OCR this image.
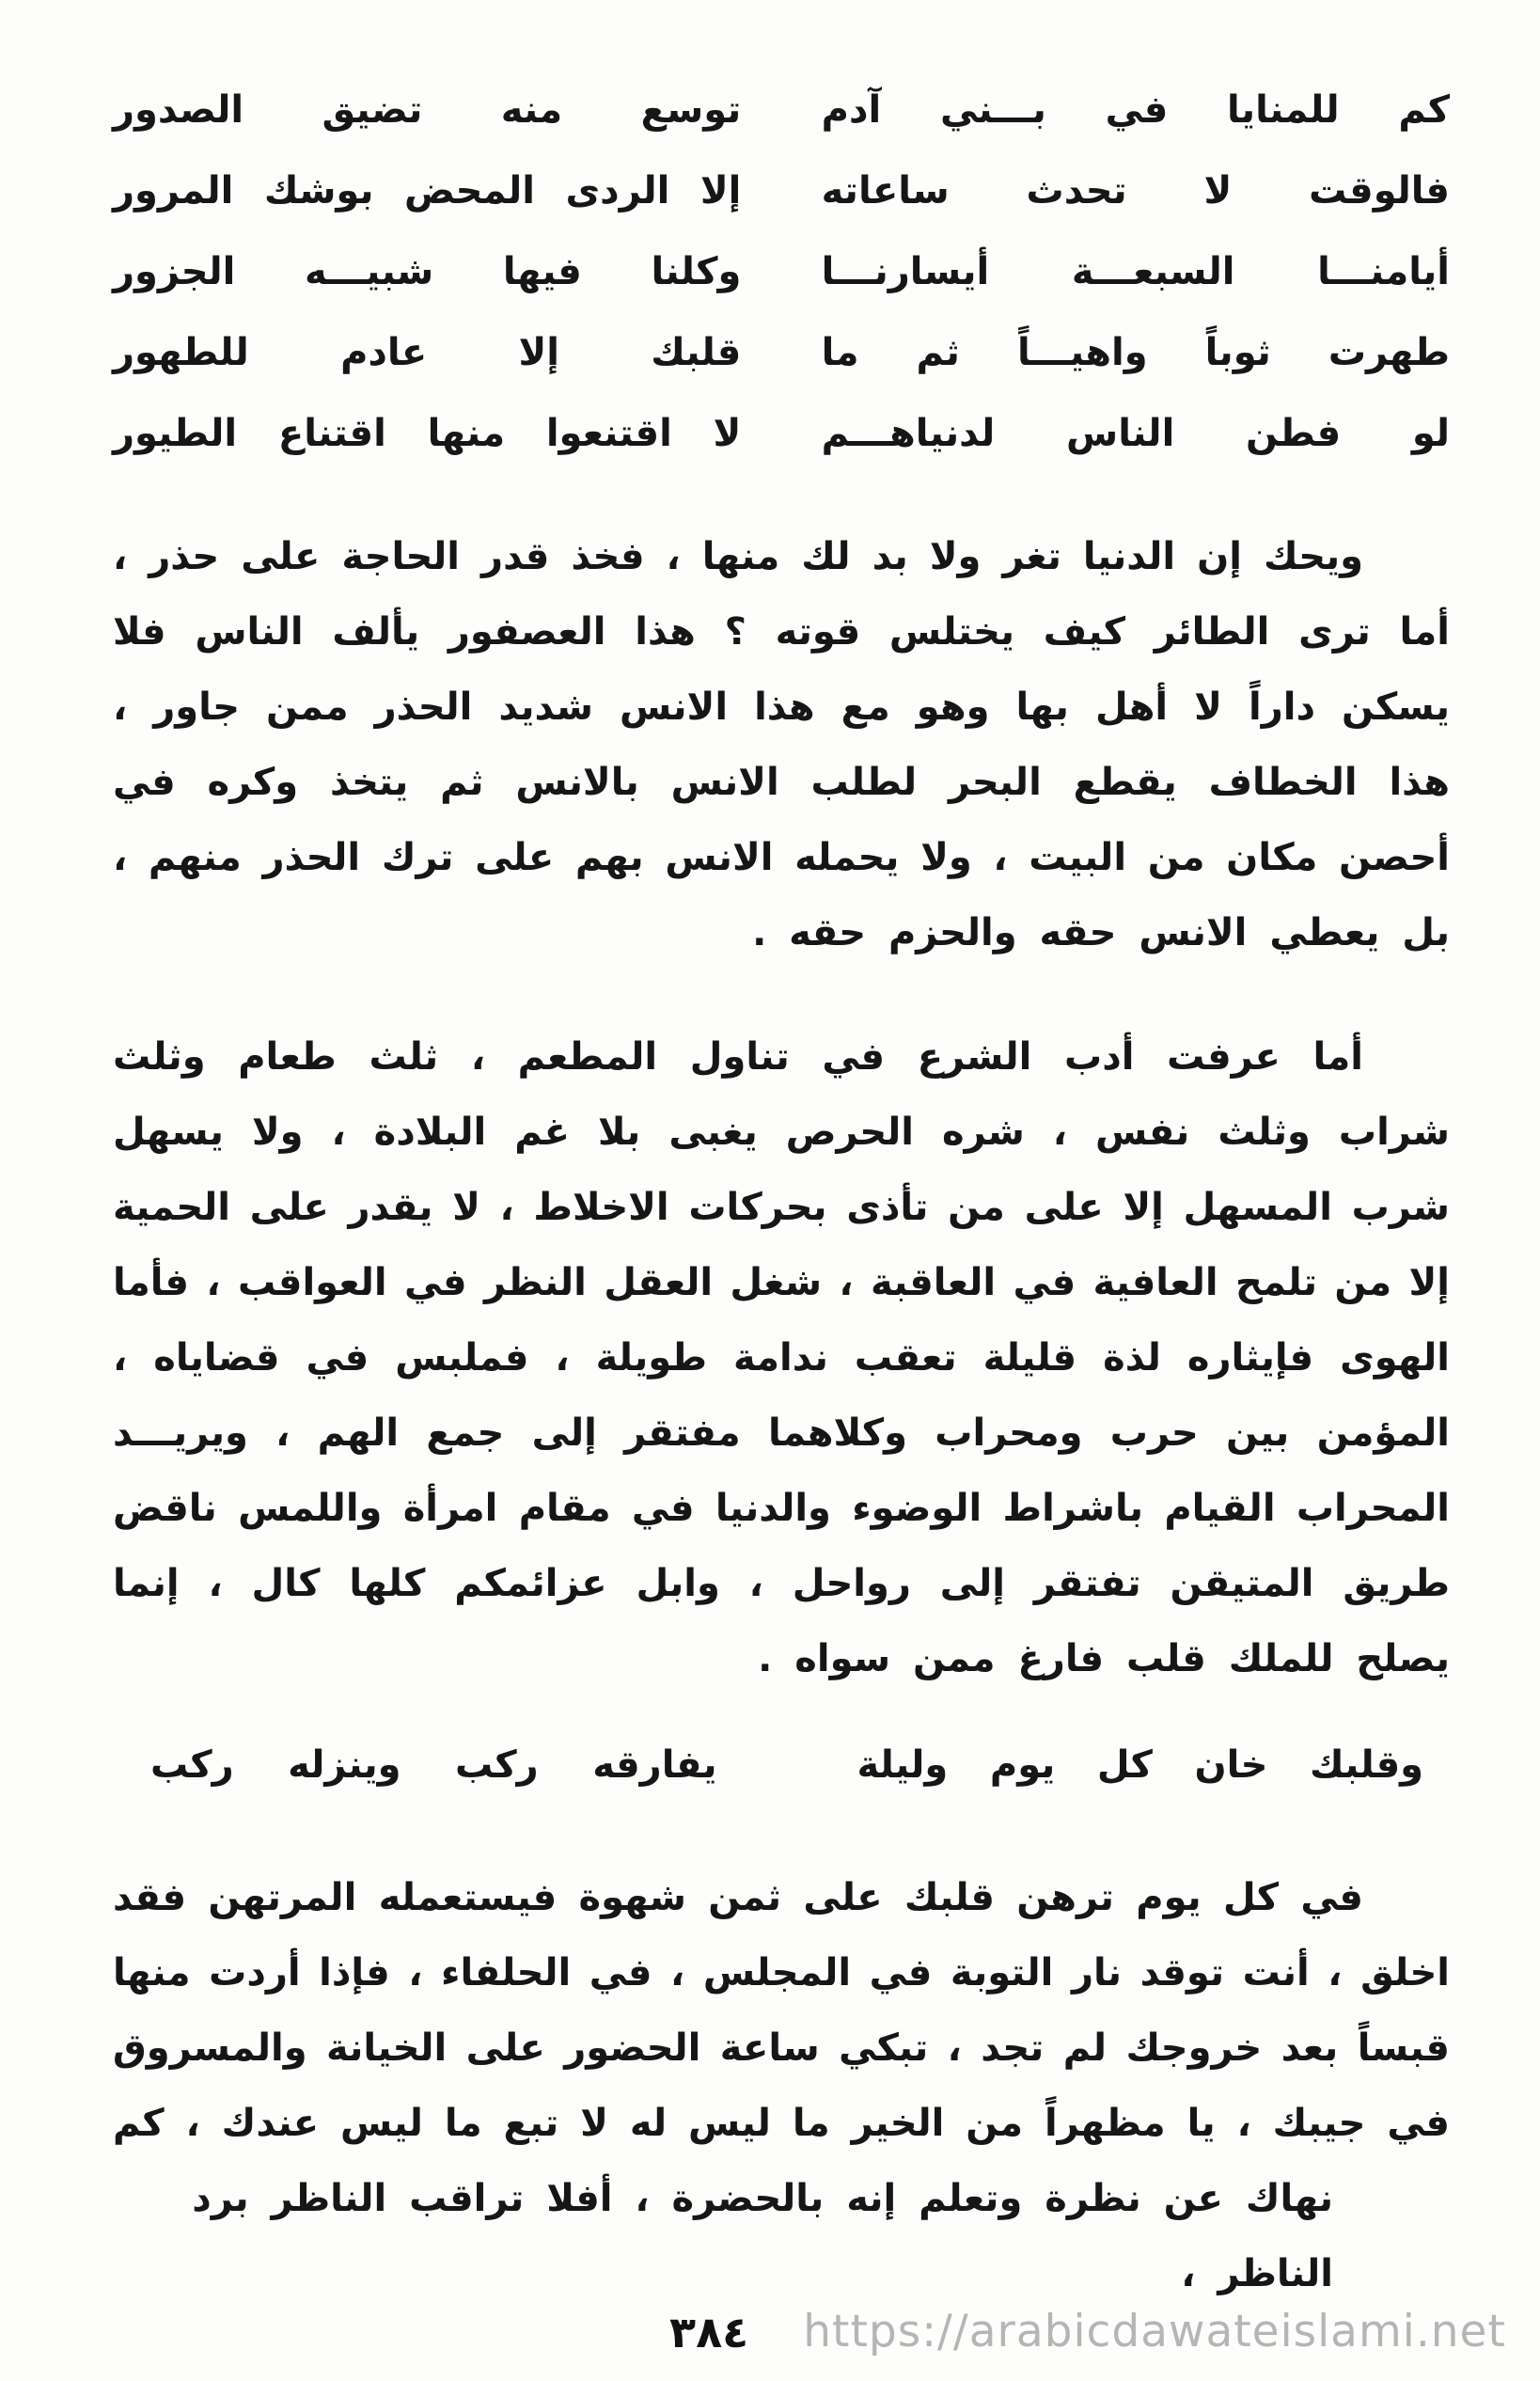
كم للمنايا في بـــني آدم
توسع منه تضيق الصدور
فالوقت لا تحدث ساعاته
إلا الردى المحض بوشك المرور
أيامنـــا السبعـــة أيسارنـــا
وكلنا فيها شبيـــه الجزور
طهرت ثوباً واهيـــاً ثم ما
قلبك إلا عادم للطهور
لو فطن الناس لدنياهـــم
لا اقتنعوا منها اقتناع الطيور
ويحك إن الدنيا تغر ولا بد لك منها ، فخذ قدر الحاجة على حذر ،
أما ترى الطائر كيف يختلس قوته ؟ هذا العصفور يألف الناس فلا
يسكن داراً لا أهل بها وهو مع هذا الانس شديد الحذر ممن جاور ،
هذا الخطاف يقطع البحر لطلب الانس بالانس ثم يتخذ وكره في
أحصن مكان من البيت ، ولا يحمله الانس بهم على ترك الحذر منهم ،
بل يعطي الانس حقه والحزم حقه .
أما عرفت أدب الشرع في تناول المطعم ، ثلث طعام وثلث
شراب وثلث نفس ، شره الحرص يغبى بلا غم البلادة ، ولا يسهل
شرب المسهل إلا على من تأذى بحركات الاخلاط ، لا يقدر على الحمية
إلا من تلمح العافية في العاقبة ، شغل العقل النظر في العواقب ، فأما
الهوى فإيثاره لذة قليلة تعقب ندامة طويلة ، فملبس في قضاياه ،
المؤمن بين حرب ومحراب وكلاهما مفتقر إلى جمع الهم ، ويريـــد
المحراب القيام باشراط الوضوء والدنيا في مقام امرأة واللمس ناقض
طريق المتيقن تفتقر إلى رواحل ، وابل عزائمكم كلها كال ، إنما
يصلح للملك قلب فارغ ممن سواه .
وقلبك خان كل يوم وليلة
يفارقه ركب وينزله ركب
في كل يوم ترهن قلبك على ثمن شهوة فيستعمله المرتهن فقد
اخلق ، أنت توقد نار التوبة في المجلس ، في الحلفاء ، فإذا أردت منها
قبساً بعد خروجك لم تجد ، تبكي ساعة الحضور على الخيانة والمسروق
في جيبك ، يا مظهراً من الخير ما ليس له لا تبع ما ليس عندك ، كم
نهاك عن نظرة وتعلم إنه بالحضرة ، أفلا تراقب الناظر برد الناظر ،
٣٨٤ https://arabicdawateislami.net
